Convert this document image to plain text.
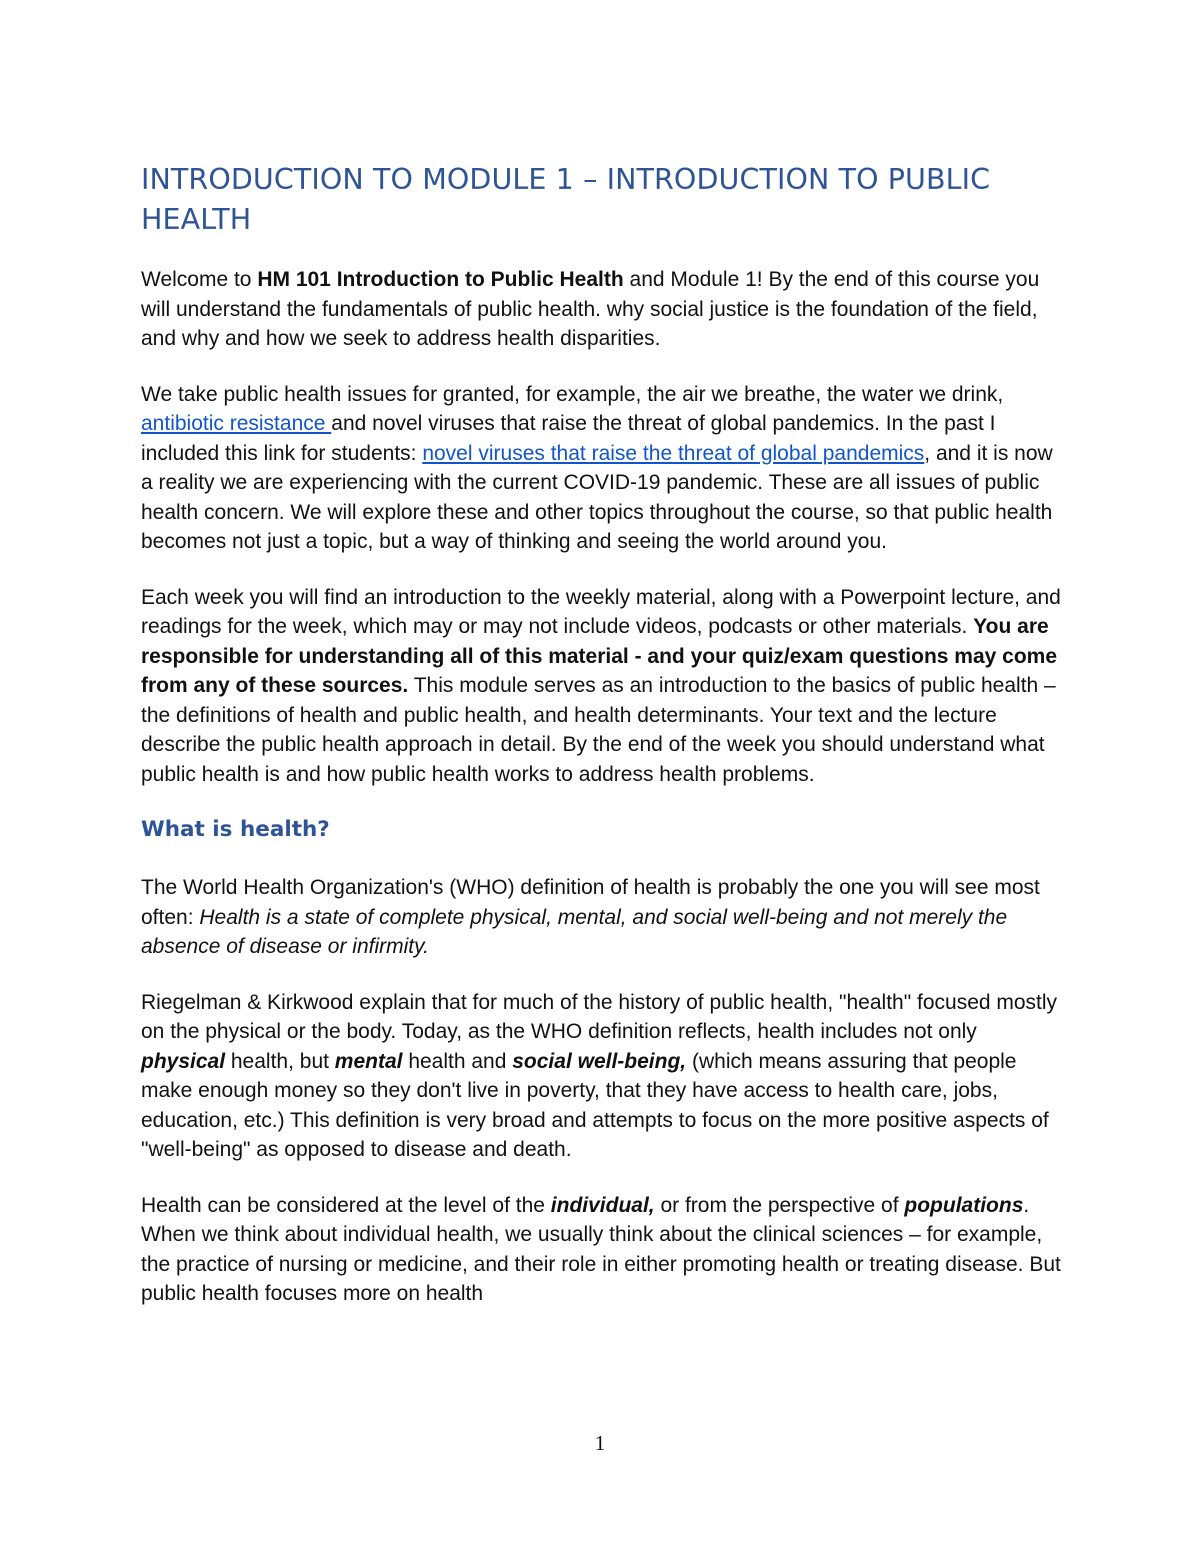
INTRODUCTION TO MODULE 1 – INTRODUCTION TO PUBLIC HEALTH

Welcome to HM 101 Introduction to Public Health and Module 1! By the end of this course you will understand the fundamentals of public health. why social justice is the foundation of the field, and why and how we seek to address health disparities.

We take public health issues for granted, for example, the air we breathe, the water we drink, antibiotic resistance and novel viruses that raise the threat of global pandemics. In the past I included this link for students: novel viruses that raise the threat of global pandemics, and it is now a reality we are experiencing with the current COVID-19 pandemic. These are all issues of public health concern. We will explore these and other topics throughout the course, so that public health becomes not just a topic, but a way of thinking and seeing the world around you.

Each week you will find an introduction to the weekly material, along with a Powerpoint lecture, and readings for the week, which may or may not include videos, podcasts or other materials. You are responsible for understanding all of this material - and your quiz/exam questions may come from any of these sources. This module serves as an introduction to the basics of public health – the definitions of health and public health, and health determinants. Your text and the lecture describe the public health approach in detail. By the end of the week you should understand what public health is and how public health works to address health problems.

What is health?

The World Health Organization's (WHO) definition of health is probably the one you will see most often: Health is a state of complete physical, mental, and social well-being and not merely the absence of disease or infirmity.

Riegelman & Kirkwood explain that for much of the history of public health, "health" focused mostly on the physical or the body. Today, as the WHO definition reflects, health includes not only physical health, but mental health and social well-being, (which means assuring that people make enough money so they don't live in poverty, that they have access to health care, jobs, education, etc.) This definition is very broad and attempts to focus on the more positive aspects of "well-being" as opposed to disease and death.

Health can be considered at the level of the individual, or from the perspective of populations. When we think about individual health, we usually think about the clinical sciences – for example, the practice of nursing or medicine, and their role in either promoting health or treating disease. But public health focuses more on health

1
